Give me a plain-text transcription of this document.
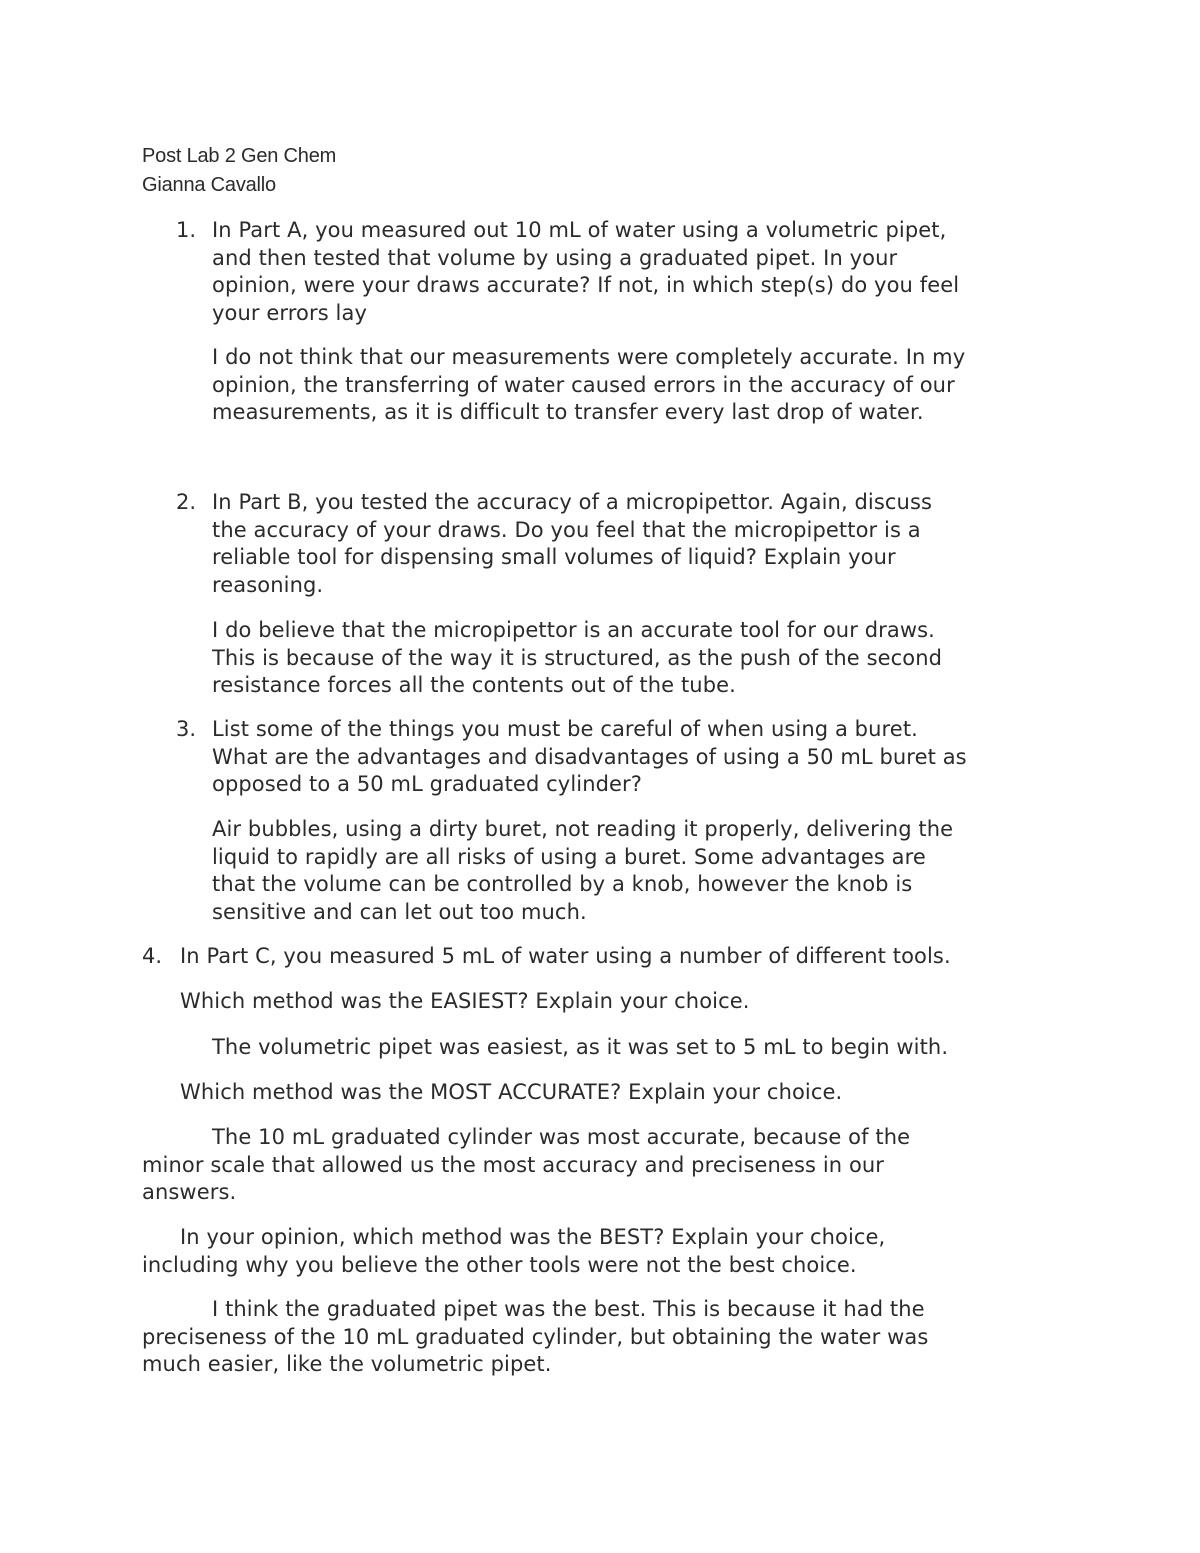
Post Lab 2 Gen Chem

Gianna Cavallo

1. In Part A, you measured out 10 mL of water using a volumetric pipet,

and then tested that volume by using a graduated pipet. In your

opinion, were your draws accurate? If not, in which step(s) do you feel

your errors lay

I do not think that our measurements were completely accurate. In my

opinion, the transferring of water caused errors in the accuracy of our

measurements, as it is difficult to transfer every last drop of water.

2. In Part B, you tested the accuracy of a micropipettor. Again, discuss

the accuracy of your draws. Do you feel that the micropipettor is a

reliable tool for dispensing small volumes of liquid? Explain your

reasoning.

I do believe that the micropipettor is an accurate tool for our draws.

This is because of the way it is structured, as the push of the second

resistance forces all the contents out of the tube.

3. List some of the things you must be careful of when using a buret.

What are the advantages and disadvantages of using a 50 mL buret as

opposed to a 50 mL graduated cylinder?

Air bubbles, using a dirty buret, not reading it properly, delivering the

liquid to rapidly are all risks of using a buret. Some advantages are

that the volume can be controlled by a knob, however the knob is

sensitive and can let out too much.

4. In Part C, you measured 5 mL of water using a number of different tools.

Which method was the EASIEST? Explain your choice.

The volumetric pipet was easiest, as it was set to 5 mL to begin with.

Which method was the MOST ACCURATE? Explain your choice.

The 10 mL graduated cylinder was most accurate, because of the

minor scale that allowed us the most accuracy and preciseness in our

answers.

In your opinion, which method was the BEST? Explain your choice,

including why you believe the other tools were not the best choice.

I think the graduated pipet was the best. This is because it had the

preciseness of the 10 mL graduated cylinder, but obtaining the water was

much easier, like the volumetric pipet.
